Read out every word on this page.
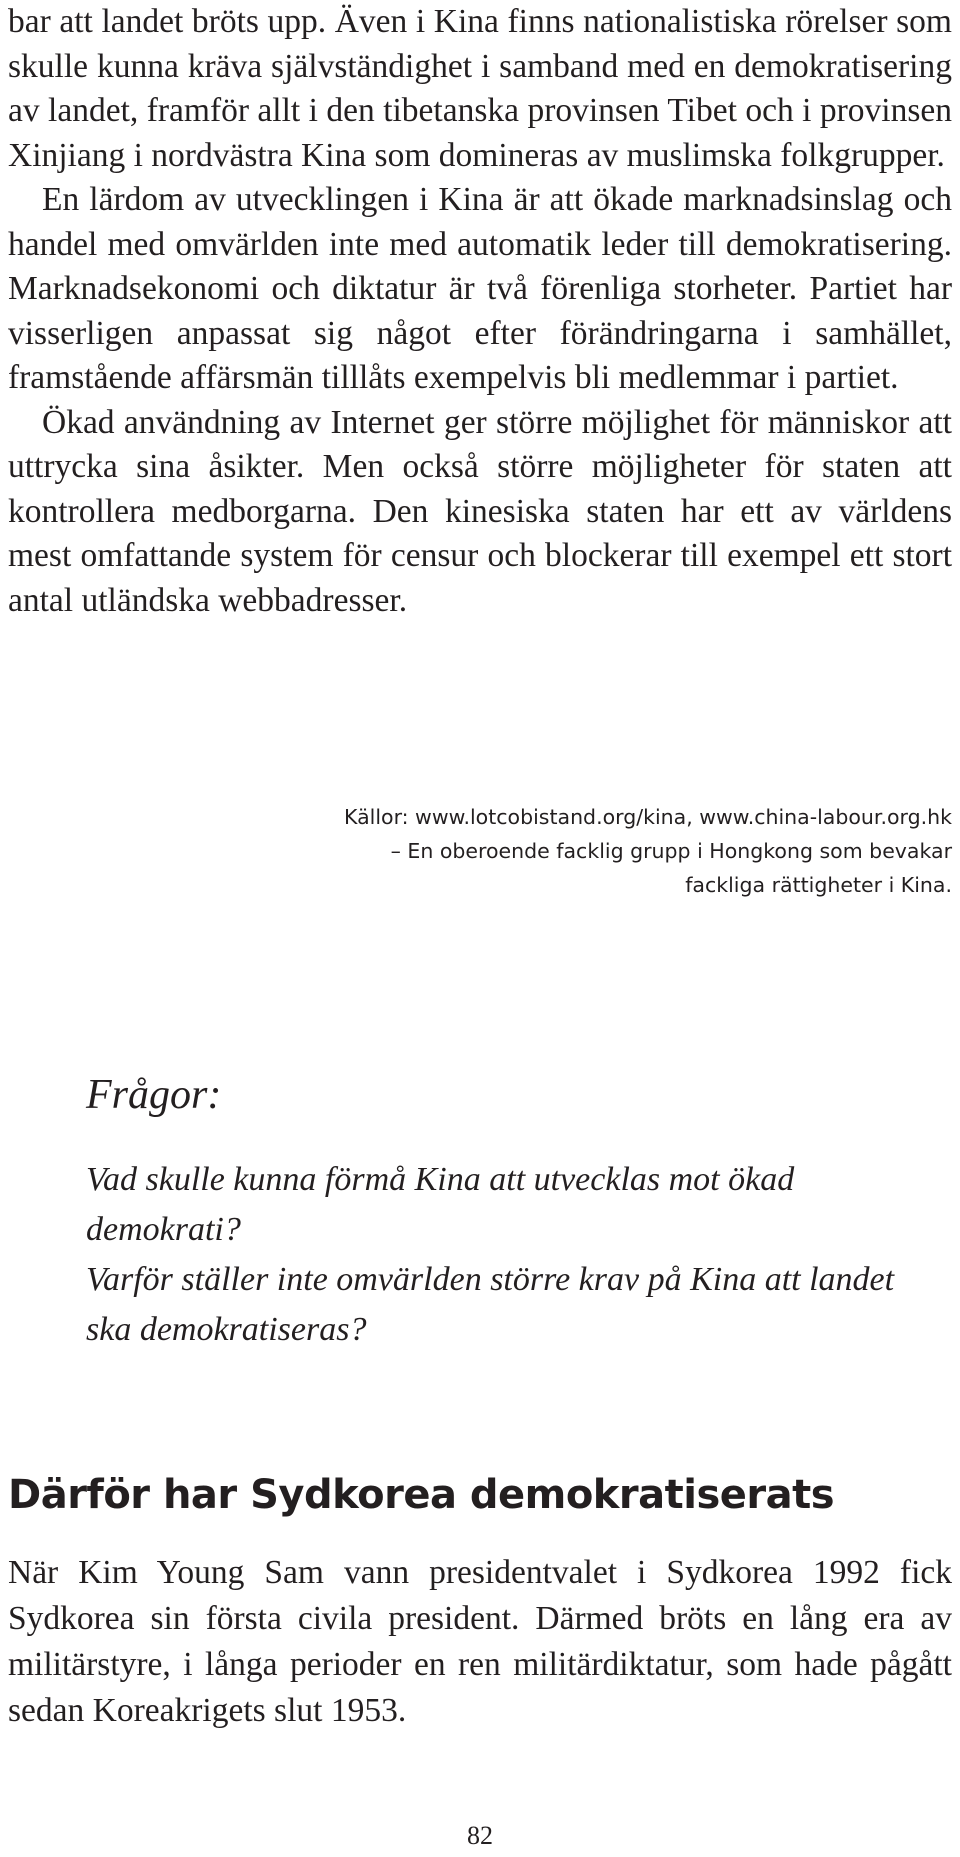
bar att landet bröts upp. Även i Kina finns nationalistiska rörelser som skulle kunna kräva självständighet i samband med en demokratisering av landet, framför allt i den tibetanska provinsen Tibet och i provinsen Xinjiang i nordvästra Kina som domineras av muslimska folkgrupper.

En lärdom av utvecklingen i Kina är att ökade marknadsinslag och handel med omvärlden inte med automatik leder till demokratisering. Marknadsekonomi och diktatur är två förenliga storheter. Partiet har visserligen anpassat sig något efter förändringarna i samhället, framstående affärsmän tilllåts exempelvis bli medlemmar i partiet.

Ökad användning av Internet ger större möjlighet för människor att uttrycka sina åsikter. Men också större möjligheter för staten att kontrollera medborgarna. Den kinesiska staten har ett av världens mest omfattande system för censur och blockerar till exempel ett stort antal utländska webbadresser.

Källor: www.lotcobistand.org/kina, www.china-labour.org.hk
– En oberoende facklig grupp i Hongkong som bevakar
fackliga rättigheter i Kina.
Frågor:
Vad skulle kunna förmå Kina att utvecklas mot ökad demokrati?
Varför ställer inte omvärlden större krav på Kina att landet ska demokratiseras?
Därför har Sydkorea demokratiserats

När Kim Young Sam vann presidentvalet i Sydkorea 1992 fick Sydkorea sin första civila president. Därmed bröts en lång era av militärstyre, i långa perioder en ren militärdiktatur, som hade pågått sedan Koreakrigets slut 1953.

82
